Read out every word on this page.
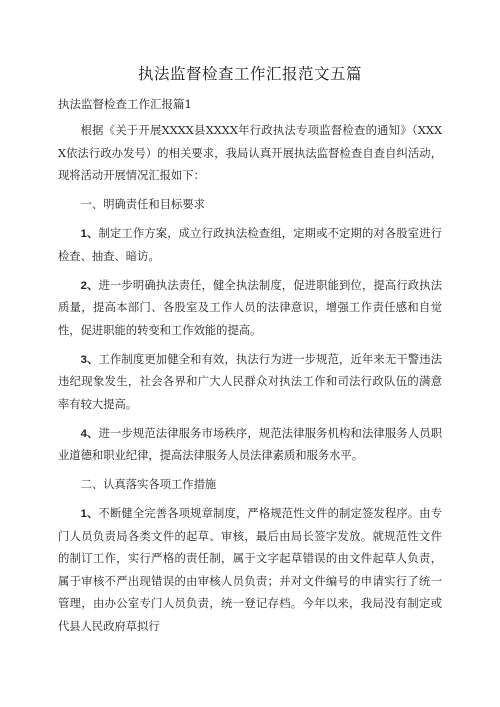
执法监督检查工作汇报范文五篇
执法监督检查工作汇报篇1

根据《关于开展XXXX县XXXX年行政执法专项监督检查的通知》（XXXX依法行政办发号）的相关要求，我局认真开展执法监督检查自查自纠活动，现将活动开展情况汇报如下：

一、明确责任和目标要求

1、制定工作方案，成立行政执法检查组，定期或不定期的对各股室进行检查、抽查、暗访。

2、进一步明确执法责任，健全执法制度，促进职能到位，提高行政执法质量，提高本部门、各股室及工作人员的法律意识，增强工作责任感和自觉性，促进职能的转变和工作效能的提高。

3、工作制度更加健全和有效，执法行为进一步规范，近年来无干警违法违纪现象发生，社会各界和广大人民群众对执法工作和司法行政队伍的满意率有较大提高。

4、进一步规范法律服务市场秩序，规范法律服务机构和法律服务人员职业道德和职业纪律，提高法律服务人员法律素质和服务水平。

二、认真落实各项工作措施

1、不断健全完善各项规章制度，严格规范性文件的制定签发程序。由专门人员负责局各类文件的起草、审核，最后由局长签字发放。就规范性文件的制订工作，实行严格的责任制，属于文字起草错误的由文件起草人负责，属于审核不严出现错误的由审核人员负责；并对文件编号的申请实行了统一管理，由办公室专门人员负责，统一登记存档。今年以来，我局没有制定或代县人民政府草拟行
